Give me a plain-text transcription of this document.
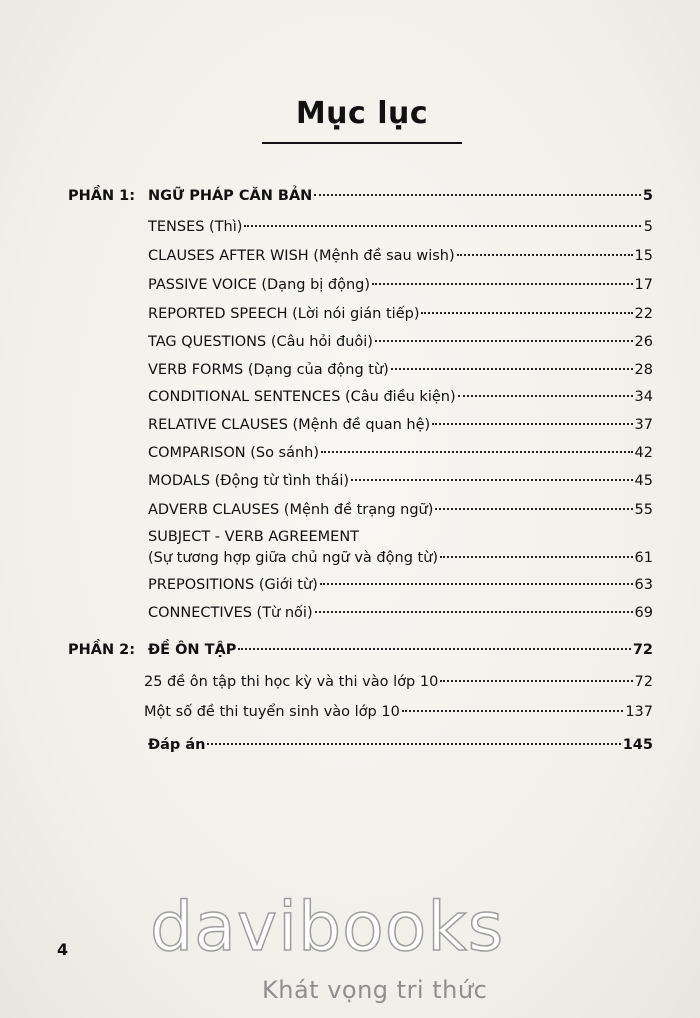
Mục lục
PHẦN 1: NGỮ PHÁP CĂN BẢN	5
TENSES (Thì)	5
CLAUSES AFTER WISH (Mệnh đề sau wish)	15
PASSIVE VOICE (Dạng bị động)	17
REPORTED SPEECH (Lời nói gián tiếp)	22
TAG QUESTIONS (Câu hỏi đuôi)	26
VERB FORMS (Dạng của động từ)	28
CONDITIONAL SENTENCES (Câu điều kiện)	34
RELATIVE CLAUSES (Mệnh đề quan hệ)	37
COMPARISON (So sánh)	42
MODALS (Động từ tình thái)	45
ADVERB CLAUSES (Mệnh đề trạng ngữ)	55
SUBJECT - VERB AGREEMENT
(Sự tương hợp giữa chủ ngữ và động từ)	61
PREPOSITIONS (Giới từ)	63
CONNECTIVES (Từ nối)	69
PHẦN 2: ĐỀ ÔN TẬP	72
25 đề ôn tập thi học kỳ và thi vào lớp 10	72
Một số đề thi tuyển sinh vào lớp 10	137
Đáp án	145
4 davibooks
Khát vọng tri thức
